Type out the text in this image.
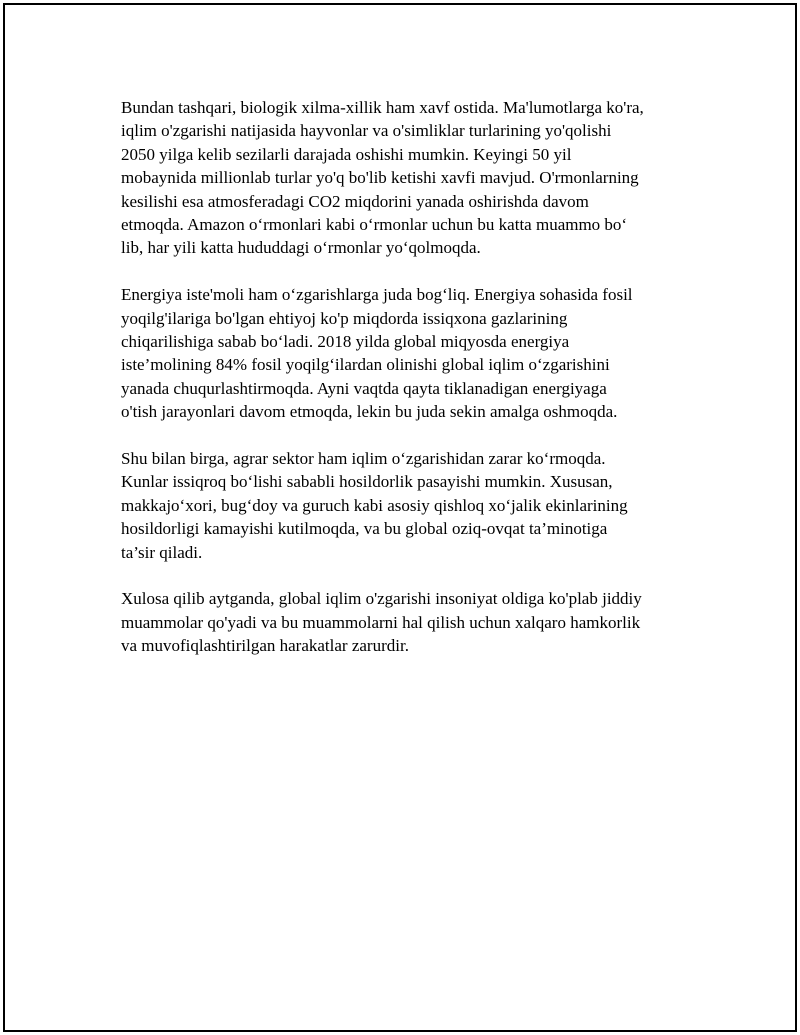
Bundan tashqari, biologik xilma-xillik ham xavf ostida. Ma'lumotlarga ko'ra,
iqlim o'zgarishi natijasida hayvonlar va o'simliklar turlarining yo'qolishi
2050 yilga kelib sezilarli darajada oshishi mumkin. Keyingi 50 yil
mobaynida millionlab turlar yo'q bo'lib ketishi xavfi mavjud. O'rmonlarning
kesilishi esa atmosferadagi CO2 miqdorini yanada oshirishda davom
etmoqda. Amazon o‘rmonlari kabi o‘rmonlar uchun bu katta muammo bo‘
lib, har yili katta hududdagi o‘rmonlar yo‘qolmoqda.

Energiya iste'moli ham o‘zgarishlarga juda bog‘liq. Energiya sohasida fosil
yoqilg'ilariga bo'lgan ehtiyoj ko'p miqdorda issiqxona gazlarining
chiqarilishiga sabab bo‘ladi. 2018 yilda global miqyosda energiya
iste’molining 84% fosil yoqilg‘ilardan olinishi global iqlim o‘zgarishini
yanada chuqurlashtirmoqda. Ayni vaqtda qayta tiklanadigan energiyaga
o'tish jarayonlari davom etmoqda, lekin bu juda sekin amalga oshmoqda.

Shu bilan birga, agrar sektor ham iqlim o‘zgarishidan zarar ko‘rmoqda.
Kunlar issiqroq bo‘lishi sababli hosildorlik pasayishi mumkin. Xususan,
makkajo‘xori, bug‘doy va guruch kabi asosiy qishloq xo‘jalik ekinlarining
hosildorligi kamayishi kutilmoqda, va bu global oziq-ovqat ta’minotiga
ta’sir qiladi.

Xulosa qilib aytganda, global iqlim o'zgarishi insoniyat oldiga ko'plab jiddiy
muammolar qo'yadi va bu muammolarni hal qilish uchun xalqaro hamkorlik
va muvofiqlashtirilgan harakatlar zarurdir.
